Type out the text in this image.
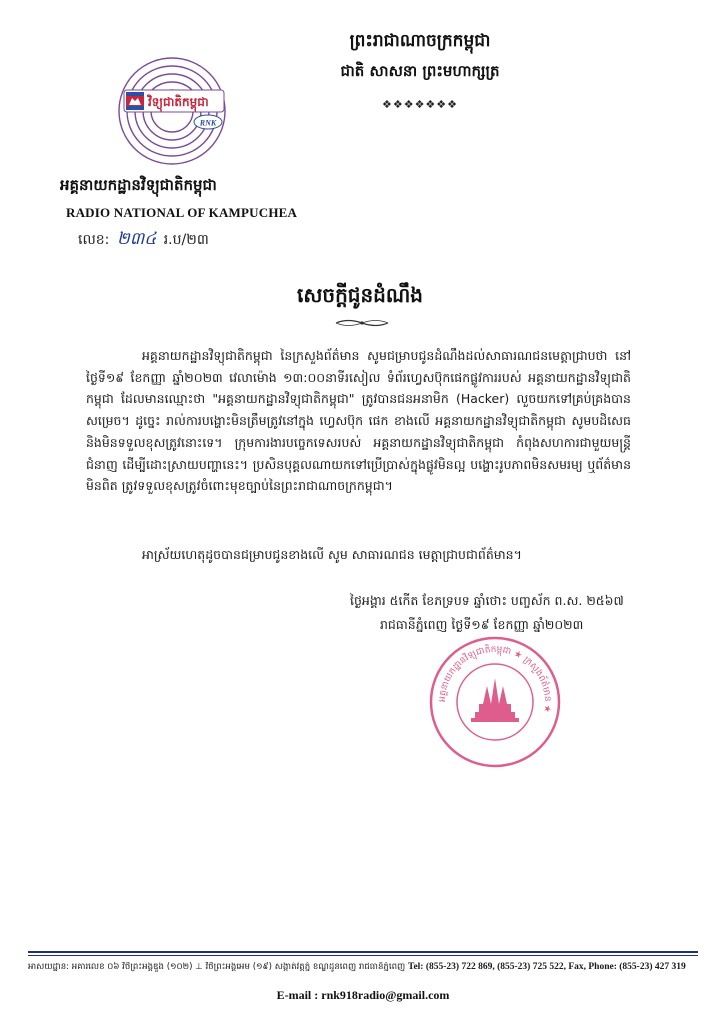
វិទ្យុជាតិកម្ពុជា
RNK
អគ្គនាយកដ្ឋានវិទ្យុជាតិកម្ពុជា
RADIO NATIONAL OF KAMPUCHEA
លេខ: ២៣៤ រ.ប/២៣
ព្រះរាជាណាចក្រកម្ពុជា
ជាតិ សាសនា ព្រះមហាក្សត្រ
❖❖❖❖❖❖❖
សេចក្តីជូនដំណឹង

អគ្គនាយកដ្ឋានវិទ្យុជាតិកម្ពុជា នៃក្រសួងព័ត៌មាន សូមជម្រាបជូនដំណឹងដល់សាធារណជនមេត្តាជ្រាបថា នៅថ្ងៃទី១៩ ខែកញ្ញា ឆ្នាំ២០២៣ វេលាម៉ោង ១៣:០០នាទីរសៀល ទំព័រហ្វេសប៊ុកផេកផ្លូវការរបស់ អគ្គនាយកដ្ឋានវិទ្យុជាតិកម្ពុជា ដែលមានឈ្មោះថា "អគ្គនាយកដ្ឋានវិទ្យុជាតិកម្ពុជា" ត្រូវបានជនអនាមិក (Hacker) លួចយកទៅគ្រប់គ្រងបានសម្រេច។ ដូច្នេះ រាល់ការបង្ហោះមិនត្រឹមត្រូវនៅក្នុង ហ្វេសប៊ុក ផេក ខាងលើ អគ្គនាយកដ្ឋានវិទ្យុជាតិកម្ពុជា សូមបដិសេធ និងមិនទទួលខុសត្រូវនោះទេ។ ក្រុមការងារបច្ចេកទេសរបស់ អគ្គនាយកដ្ឋានវិទ្យុជាតិកម្ពុជា កំពុងសហការជាមួយមន្ត្រីជំនាញ ដើម្បីដោះស្រាយបញ្ហានេះ។ ប្រសិនបុគ្គលណាយកទៅប្រើប្រាស់ក្នុងផ្លូវមិនល្អ បង្ហោះរូបភាពមិនសមរម្យ ឬព័ត៌មានមិនពិត ត្រូវទទួលខុសត្រូវចំពោះមុខច្បាប់នៃព្រះរាជាណាចក្រកម្ពុជា។

អាស្រ័យហេតុដូចបានជម្រាបជូនខាងលើ សូម សាធារណជន មេត្តាជ្រាបជាព័ត៌មាន។

ថ្ងៃអង្គារ ៥កើត ខែភទ្របទ ឆ្នាំថោះ បញ្ចស័ក ព.ស. ២៥៦៧
រាជធានីភ្នំពេញ ថ្ងៃទី១៩ ខែកញ្ញា ឆ្នាំ២០២៣
អគ្គនាយកដ្ឋានវិទ្យុជាតិកម្ពុជា ★ ក្រសួងព័ត៌មាន ★
អាសយដ្ឋាន: អគារលេខ ០៦ វិថីព្រះអង្គឌួង (១០២) ⊥ វិថីព្រះអង្គអេម (១៩) សង្កាត់វត្តភ្នំ ខណ្ឌដូនពេញ រាជធានីភ្នំពេញ Tel: (855-23) 722 869, (855-23) 725 522, Fax, Phone: (855-23) 427 319
E-mail : rnk918radio@gmail.com
